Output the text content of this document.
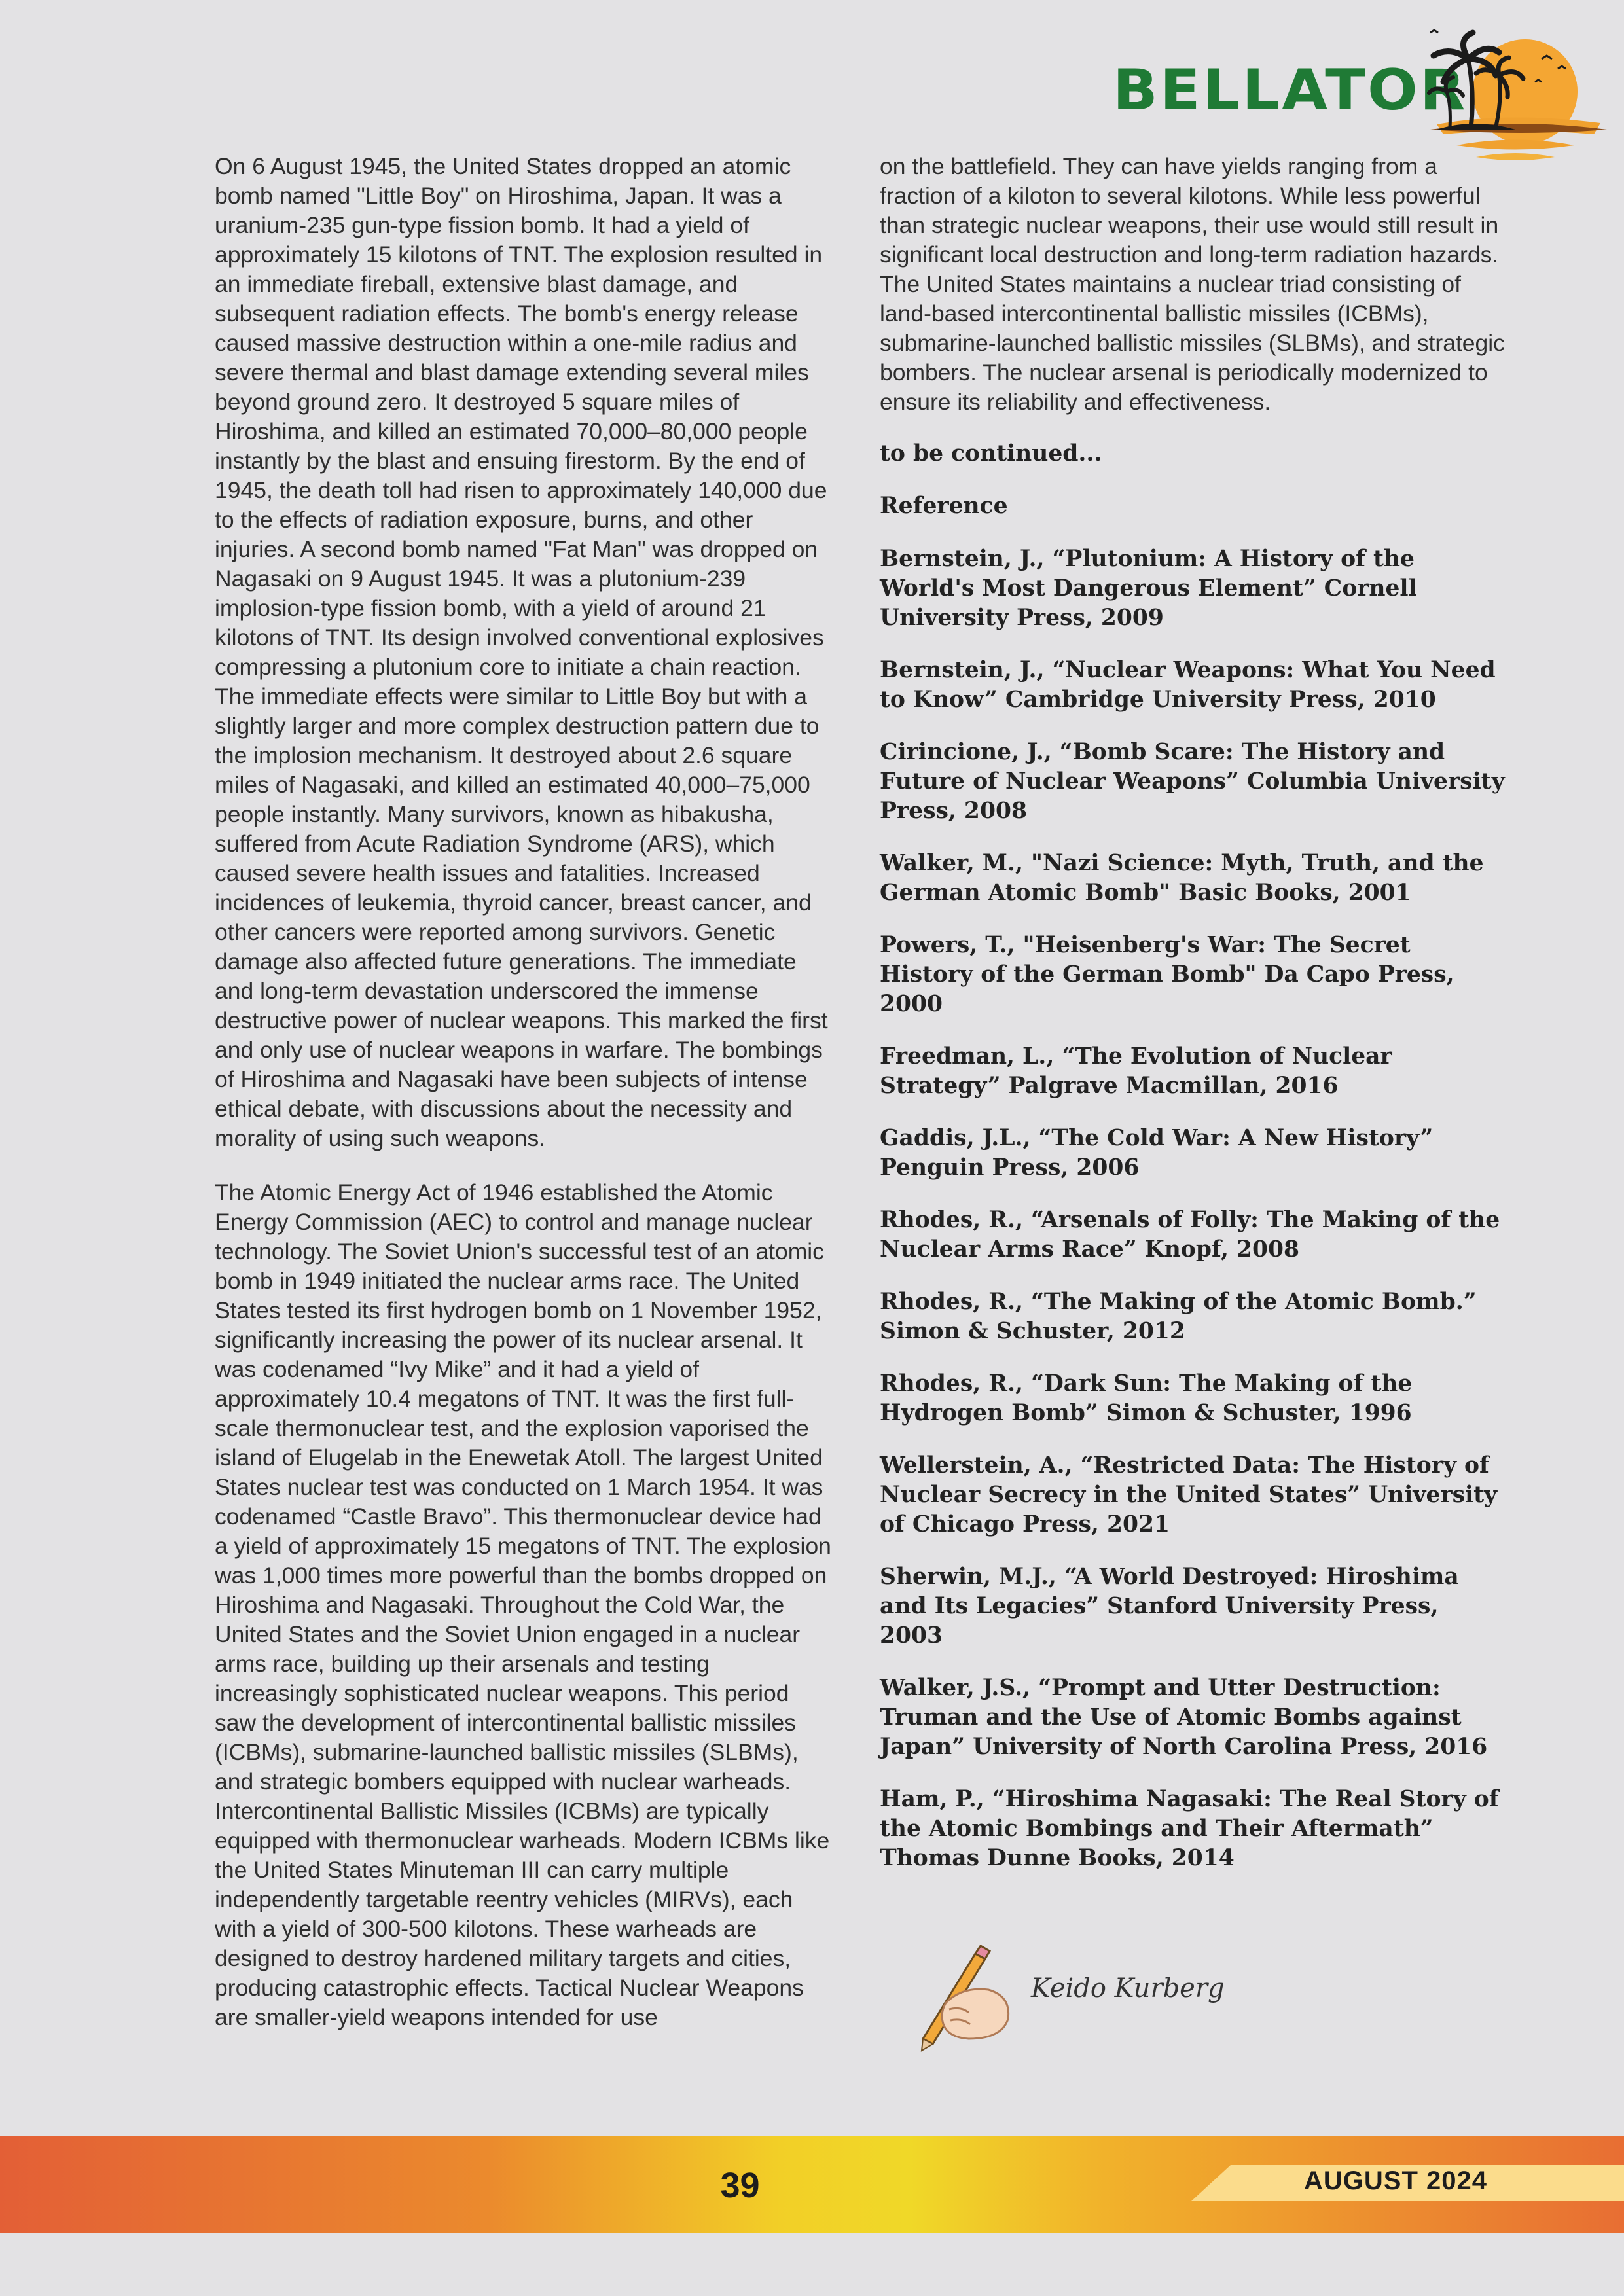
BELLATOR

On 6 August 1945, the United States dropped an atomic bomb named "Little Boy" on Hiroshima, Japan. It was a uranium-235 gun-type fission bomb. It had a yield of approximately 15 kilotons of TNT. The explosion resulted in an immediate fireball, extensive blast damage, and subsequent radiation effects. The bomb's energy release caused massive destruction within a one-mile radius and severe thermal and blast damage extending several miles beyond ground zero. It destroyed 5 square miles of Hiroshima, and killed an estimated 70,000–80,000 people instantly by the blast and ensuing firestorm. By the end of 1945, the death toll had risen to approximately 140,000 due to the effects of radiation exposure, burns, and other injuries. A second bomb named "Fat Man" was dropped on Nagasaki on 9 August 1945. It was a plutonium-239 implosion-type fission bomb, with a yield of around 21 kilotons of TNT. Its design involved conventional explosives compressing a plutonium core to initiate a chain reaction. The immediate effects were similar to Little Boy but with a slightly larger and more complex destruction pattern due to the implosion mechanism. It destroyed about 2.6 square miles of Nagasaki, and killed an estimated 40,000–75,000 people instantly. Many survivors, known as hibakusha, suffered from Acute Radiation Syndrome (ARS), which caused severe health issues and fatalities. Increased incidences of leukemia, thyroid cancer, breast cancer, and other cancers were reported among survivors. Genetic damage also affected future generations. The immediate and long-term devastation underscored the immense destructive power of nuclear weapons. This marked the first and only use of nuclear weapons in warfare. The bombings of Hiroshima and Nagasaki have been subjects of intense ethical debate, with discussions about the necessity and morality of using such weapons.

The Atomic Energy Act of 1946 established the Atomic Energy Commission (AEC) to control and manage nuclear technology. The Soviet Union's successful test of an atomic bomb in 1949 initiated the nuclear arms race. The United States tested its first hydrogen bomb on 1 November 1952, significantly increasing the power of its nuclear arsenal. It was codenamed “Ivy Mike” and it had a yield of approximately 10.4 megatons of TNT. It was the first full-scale thermonuclear test, and the explosion vaporised the island of Elugelab in the Enewetak Atoll. The largest United States nuclear test was conducted on 1 March 1954. It was codenamed “Castle Bravo”. This thermonuclear device had a yield of approximately 15 megatons of TNT. The explosion was 1,000 times more powerful than the bombs dropped on Hiroshima and Nagasaki. Throughout the Cold War, the United States and the Soviet Union engaged in a nuclear arms race, building up their arsenals and testing increasingly sophisticated nuclear weapons. This period saw the development of intercontinental ballistic missiles (ICBMs), submarine-launched ballistic missiles (SLBMs), and strategic bombers equipped with nuclear warheads. Intercontinental Ballistic Missiles (ICBMs) are typically equipped with thermonuclear warheads. Modern ICBMs like the United States Minuteman III can carry multiple independently targetable reentry vehicles (MIRVs), each with a yield of 300-500 kilotons. These warheads are designed to destroy hardened military targets and cities, producing catastrophic effects. Tactical Nuclear Weapons are smaller-yield weapons intended for use

on the battlefield. They can have yields ranging from a fraction of a kiloton to several kilotons. While less powerful than strategic nuclear weapons, their use would still result in significant local destruction and long-term radiation hazards. The United States maintains a nuclear triad consisting of land-based intercontinental ballistic missiles (ICBMs), submarine-launched ballistic missiles (SLBMs), and strategic bombers. The nuclear arsenal is periodically modernized to ensure its reliability and effectiveness.

to be continued...

Reference

Bernstein, J., “Plutonium: A History of the World's Most Dangerous Element” Cornell University Press, 2009
Bernstein, J., “Nuclear Weapons: What You Need to Know” Cambridge University Press, 2010
Cirincione, J., “Bomb Scare: The History and Future of Nuclear Weapons” Columbia University Press, 2008
Walker, M., "Nazi Science: Myth, Truth, and the German Atomic Bomb" Basic Books, 2001
Powers, T., "Heisenberg's War: The Secret History of the German Bomb" Da Capo Press, 2000
Freedman, L., “The Evolution of Nuclear Strategy” Palgrave Macmillan, 2016
Gaddis, J.L., “The Cold War: A New History” Penguin Press, 2006
Rhodes, R., “Arsenals of Folly: The Making of the Nuclear Arms Race” Knopf, 2008
Rhodes, R., “The Making of the Atomic Bomb.” Simon & Schuster, 2012
Rhodes, R., “Dark Sun: The Making of the Hydrogen Bomb” Simon & Schuster, 1996
Wellerstein, A., “Restricted Data: The History of Nuclear Secrecy in the United States” University of Chicago Press, 2021
Sherwin, M.J., “A World Destroyed: Hiroshima and Its Legacies” Stanford University Press, 2003
Walker, J.S., “Prompt and Utter Destruction: Truman and the Use of Atomic Bombs against Japan” University of North Carolina Press, 2016
Ham, P., “Hiroshima Nagasaki: The Real Story of the Atomic Bombings and Their Aftermath” Thomas Dunne Books, 2014
Keido Kurberg
39	AUGUST 2024
